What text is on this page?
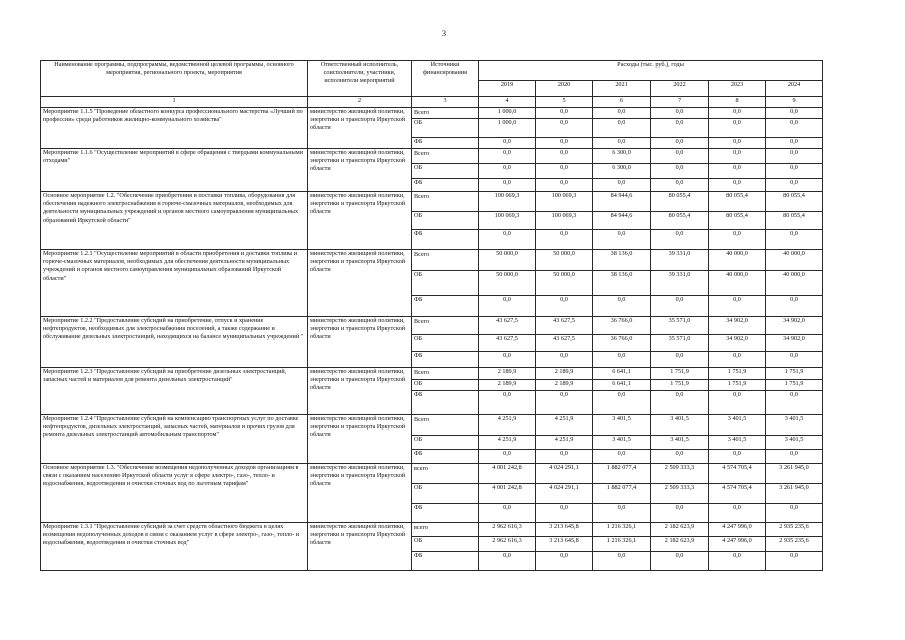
3
Наименование программы, подпрограммы, ведомственной целевой программы, основного мероприятия, регионального проекта, мероприятия	Ответственный исполнитель, соисполнители, участники, исполнители мероприятий	Источники финансирования	Расходы (тыс. руб.), годы					
			2019	2020	2021	2022	2023	2024
1	2	3	4	5	6	7	8	9
Мероприятие 1.1.5 "Проведение областного конкурса профессионального мастерства «Лучший по профессии» среди работников жилищно-коммунального хозяйства"	министерство жилищной политики, энергетики и транспорта Иркутской области	Всего	1 000,0	0,0	0,0	0,0	0,0	0,0
		ОБ	1 000,0	0,0	0,0	0,0	0,0	0,0
		ФБ	0,0	0,0	0,0	0,0	0,0	0,0
Мероприятие 1.1.6 "Осуществление мероприятий в сфере обращения с твердыми коммунальными отходами"	министерство жилищной политики, энергетики и транспорта Иркутской области	Всего	0,0	0,0	6 300,0	0,0	0,0	0,0
		ОБ	0,0	0,0	6 300,0	0,0	0,0	0,0
		ФБ	0,0	0,0	0,0	0,0	0,0	0,0
Основное мероприятие 1.2. "Обеспечение приобретения и поставки топлива, оборудования для обеспечения надежного электроснабжения и горюче-смазочных материалов, необходимых для деятельности муниципальных учреждений и органов местного самоуправления муниципальных образований Иркутской области"	министерство жилищной политики, энергетики и транспорта Иркутской области	Всего	100 069,3	100 069,3	84 944,6	80 055,4	80 055,4	80 055,4
		ОБ	100 069,3	100 069,3	84 944,6	80 055,4	80 055,4	80 055,4
		ФБ	0,0	0,0	0,0	0,0	0,0	0,0
Мероприятие 1.2.1 "Осуществление мероприятий в области приобретения и доставки топлива и горюче-смазочных материалов, необходимых для обеспечения деятельности муниципальных учреждений и органов местного самоуправления муниципальных образований Иркутской области"	министерство жилищной политики, энергетики и транспорта Иркутской области	Всего	50 000,0	50 000,0	38 136,0	39 331,0	40 000,0	40 000,0
		ОБ	50 000,0	50 000,0	38 136,0	39 331,0	40 000,0	40 000,0
		ФБ	0,0	0,0	0,0	0,0	0,0	0,0
Мероприятие 1.2.2 "Предоставление субсидий на приобретение, отпуск и хранение нефтепродуктов, необходимых для электроснабжения поселений, а также содержание и обслуживание дизельных электростанций, находящихся на балансе муниципальных учреждений "	министерство жилищной политики, энергетики и транспорта Иркутской области	Всего	43 627,5	43 627,5	36 766,0	35 571,0	34 902,0	34 902,0
		ОБ	43 627,5	43 627,5	36 766,0	35 571,0	34 902,0	34 902,0
		ФБ	0,0	0,0	0,0	0,0	0,0	0,0
Мероприятие 1.2.3 "Предоставление субсидий на приобретение дизельных электростанций, запасных частей и материалов для ремонта дизельных электростанций"	министерство жилищной политики, энергетики и транспорта Иркутской области	Всего	2 189,9	2 189,9	6 641,1	1 751,9	1 751,9	1 751,9
		ОБ	2 189,9	2 189,9	6 641,1	1 751,9	1 751,9	1 751,9
		ФБ	0,0	0,0	0,0	0,0	0,0	0,0
Мероприятие 1.2.4 "Предоставление субсидий на компенсацию транспортных услуг по доставке нефтепродуктов, дизельных электростанций, запасных частей, материалов и прочих грузов для ремонта дизельных электростанций автомобильным транспортом"	министерство жилищной политики, энергетики и транспорта Иркутской области	Всего	4 251,9	4 251,9	3 401,5	3 401,5	3 401,5	3 401,5
		ОБ	4 251,9	4 251,9	3 401,5	3 401,5	3 401,5	3 401,5
		ФБ	0,0	0,0	0,0	0,0	0,0	0,0
Основное мероприятие 1.3. "Обеспечение возмещения недополученных доходов организациям в связи с оказанием населению Иркутской области услуг в сфере электро-, газо-, тепло- и водоснабжения, водоотведения и очистки сточных вод по льготным тарифам"	министерство жилищной политики, энергетики и транспорта Иркутской области	всего	4 001 242,8	4 024 291,1	1 882 077,4	2 509 333,3	4 574 705,4	3 261 945,0
		ОБ	4 001 242,8	4 024 291,1	1 882 077,4	2 509 333,3	4 574 705,4	3 261 945,0
		ФБ	0,0	0,0	0,0	0,0	0,0	0,0
Мероприятие 1.3.1 "Предоставление субсидий за счет средств областного бюджета в целях возмещения недополученных доходов в связи с оказанием услуг в сфере электро-, газо-, тепло- и водоснабжения, водоотведения и очистки сточных вод"	министерство жилищной политики, энергетики и транспорта Иркутской области	всего	2 962 616,3	3 213 645,8	1 216 326,1	2 182 623,9	4 247 996,0	2 935 235,6
		ОБ	2 962 616,3	3 213 645,8	1 216 326,1	2 182 623,9	4 247 996,0	2 935 235,6
		ФБ	0,0	0,0	0,0	0,0	0,0	0,0
